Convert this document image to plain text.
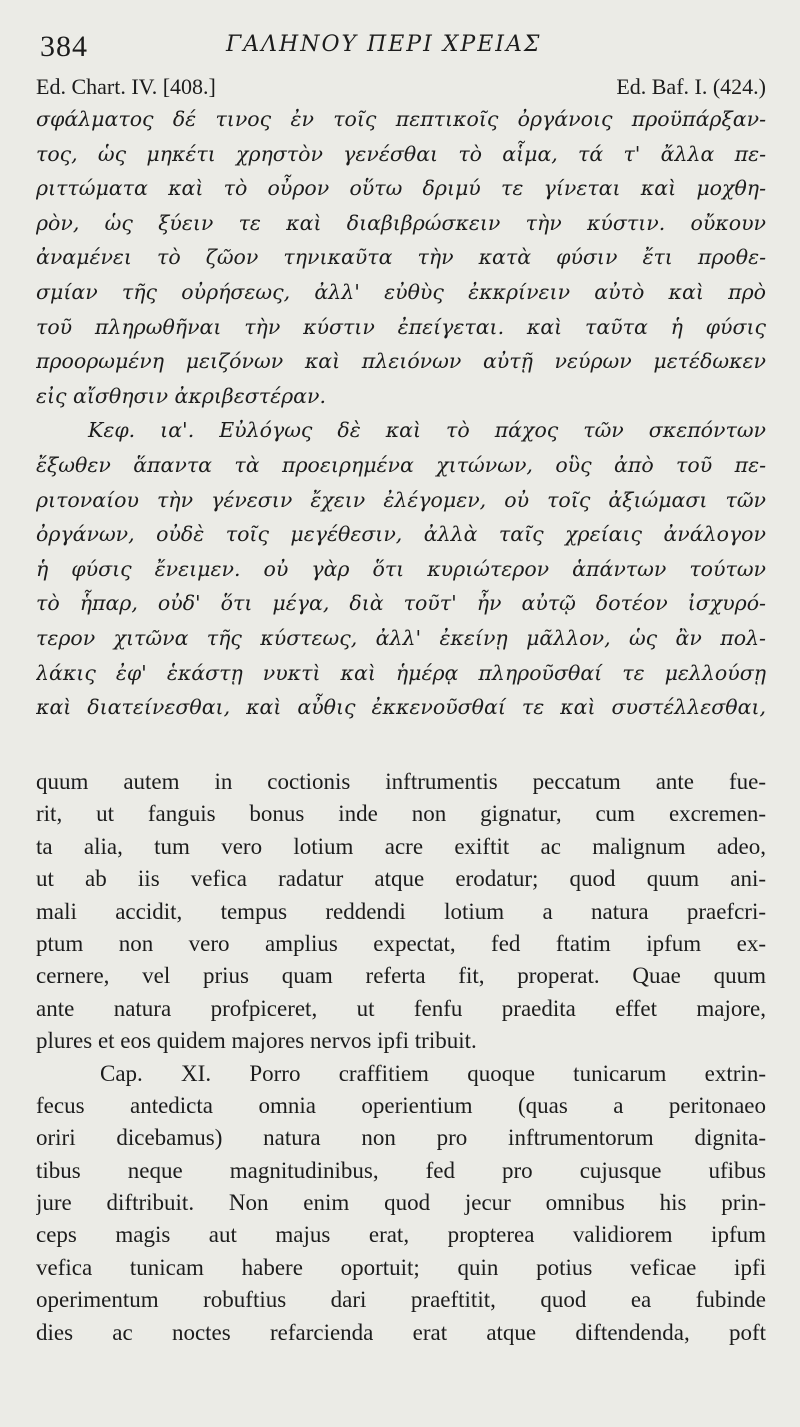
384	ΓΑΛΗΝΟΥ ΠΕΡΙ ΧΡΕΙΑΣ
Ed. Chart. IV. [408.]	Ed. Baf. I. (424.)
σφάλματος δέ τινος ἐν τοῖς πεπτικοῖς ὀργάνοις προϋπάρξαν-
τος, ὡς μηκέτι χρηστὸν γενέσθαι τὸ αἷμα, τά τ' ἄλλα πε-
ριττώματα καὶ τὸ οὖρον οὕτω δριμύ τε γίνεται καὶ μοχθη-
ρὸν, ὡς ξύειν τε καὶ διαβιβρώσκειν τὴν κύστιν. οὔκουν
ἀναμένει τὸ ζῶον τηνικαῦτα τὴν κατὰ φύσιν ἔτι προθε-
σμίαν τῆς οὐρήσεως, ἀλλ' εὐθὺς ἐκκρίνειν αὐτὸ καὶ πρὸ
τοῦ πληρωθῆναι τὴν κύστιν ἐπείγεται. καὶ ταῦτα ἡ φύσις
προορωμένη μειζόνων καὶ πλειόνων αὐτῇ νεύρων μετέδωκεν
εἰς αἴσθησιν ἀκριβεστέραν.
Κεφ. ια'. Εὐλόγως δὲ καὶ τὸ πάχος τῶν σκεπόντων
ἔξωθεν ἅπαντα τὰ προειρημένα χιτώνων, οὓς ἀπὸ τοῦ πε-
ριτοναίου τὴν γένεσιν ἔχειν ἐλέγομεν, οὐ τοῖς ἀξιώμασι τῶν
ὀργάνων, οὐδὲ τοῖς μεγέθεσιν, ἀλλὰ ταῖς χρείαις ἀνάλογον
ἡ φύσις ἔνειμεν. οὐ γὰρ ὅτι κυριώτερον ἁπάντων τούτων
τὸ ἧπαρ, οὐδ' ὅτι μέγα, διὰ τοῦτ' ἦν αὐτῷ δοτέον ἰσχυρό-
τερον χιτῶνα τῆς κύστεως, ἀλλ' ἐκείνῃ μᾶλλον, ὡς ἂν πολ-
λάκις ἐφ' ἑκάστῃ νυκτὶ καὶ ἡμέρᾳ πληροῦσθαί τε μελλούσῃ
καὶ διατείνεσθαι, καὶ αὖθις ἐκκενοῦσθαί τε καὶ συστέλλεσθαι,
quum autem in coctionis inftrumentis peccatum ante fue-
rit, ut fanguis bonus inde non gignatur, cum excremen-
ta alia, tum vero lotium acre exiftit ac malignum adeo,
ut ab iis vefica radatur atque erodatur; quod quum ani-
mali accidit, tempus reddendi lotium a natura praefcri-
ptum non vero amplius expectat, fed ftatim ipfum ex-
cernere, vel prius quam referta fit, properat. Quae quum
ante natura profpiceret, ut fenfu praedita effet majore,
plures et eos quidem majores nervos ipfi tribuit.
Cap. XI. Porro craffitiem quoque tunicarum extrin-
fecus antedicta omnia operientium (quas a peritonaeo
oriri dicebamus) natura non pro inftrumentorum dignita-
tibus neque magnitudinibus, fed pro cujusque ufibus
jure diftribuit. Non enim quod jecur omnibus his prin-
ceps magis aut majus erat, propterea validiorem ipfum
vefica tunicam habere oportuit; quin potius veficae ipfi
operimentum robuftius dari praeftitit, quod ea fubinde
dies ac noctes refarcienda erat atque diftendenda, poft
